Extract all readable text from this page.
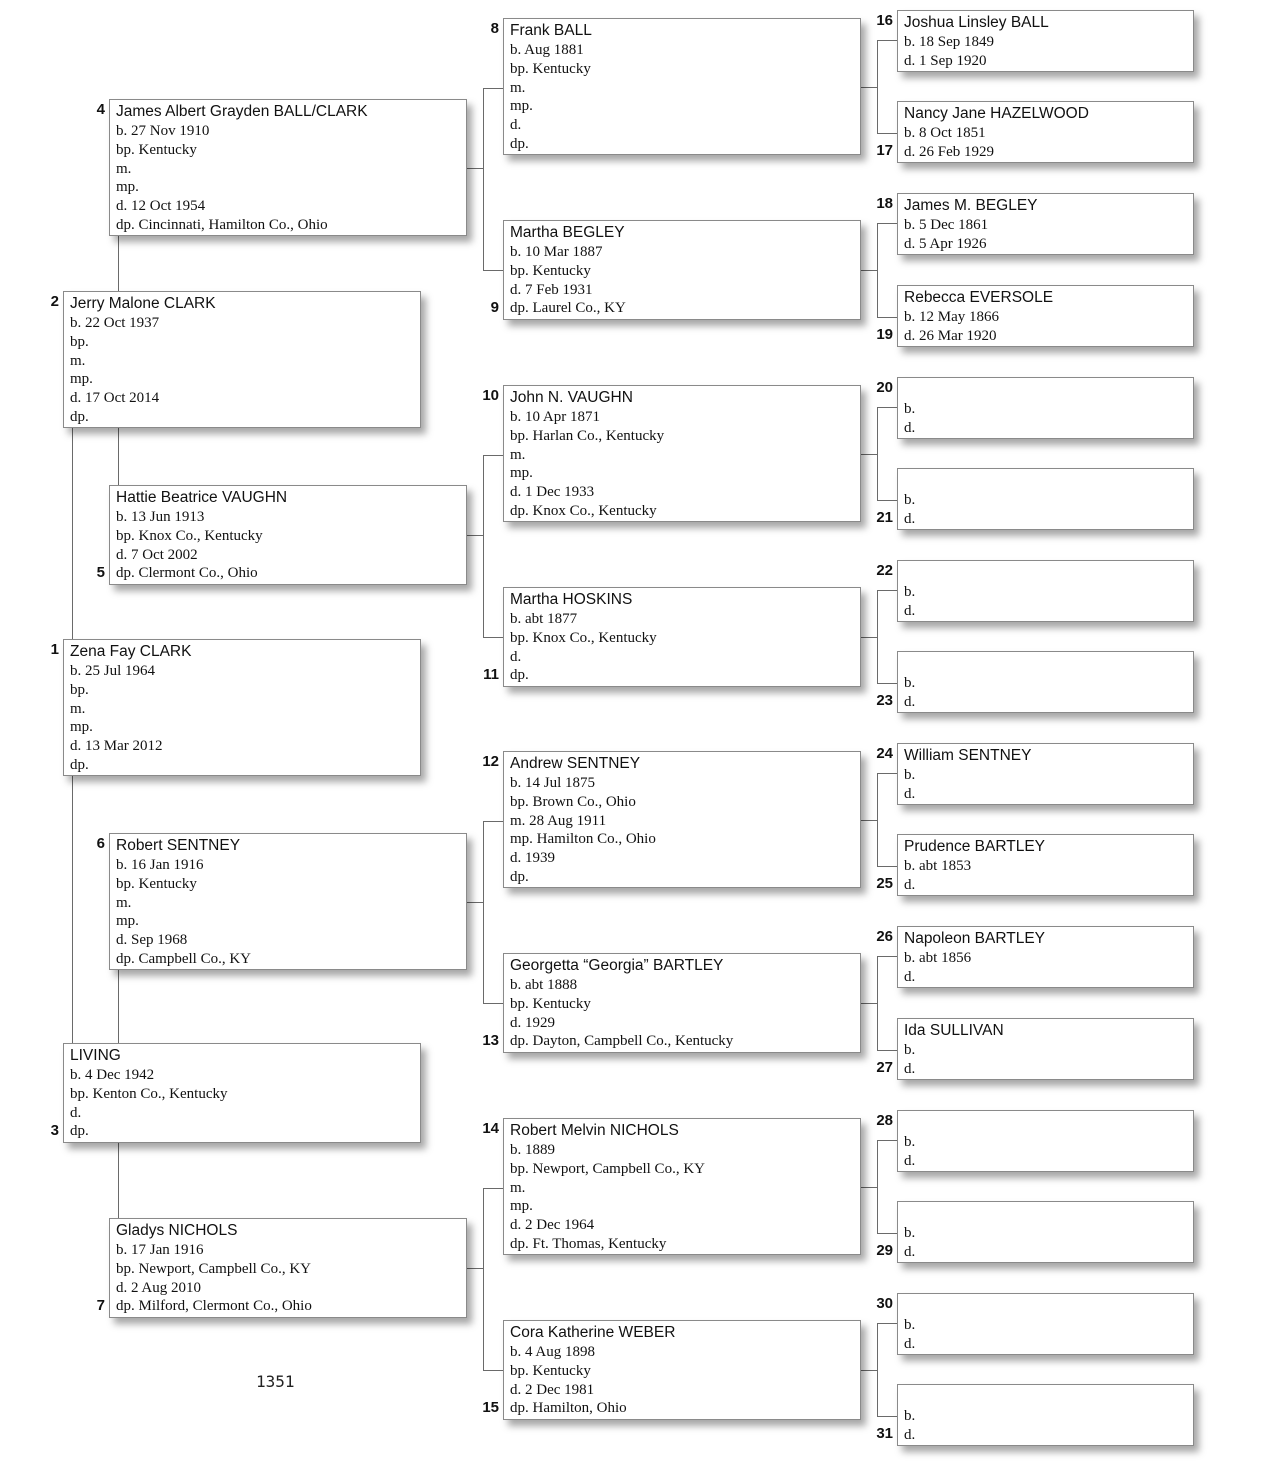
Zena Fay CLARK
b. 25 Jul 1964
bp.
m.
mp.
d. 13 Mar 2012
dp.
1
Jerry Malone CLARK
b. 22 Oct 1937
bp.
m.
mp.
d. 17 Oct 2014
dp.
2
LIVING
b. 4 Dec 1942
bp. Kenton Co., Kentucky
d.
dp.
3
James Albert Grayden BALL/CLARK
b. 27 Nov 1910
bp. Kentucky
m.
mp.
d. 12 Oct 1954
dp. Cincinnati, Hamilton Co., Ohio
4
Hattie Beatrice VAUGHN
b. 13 Jun 1913
bp. Knox Co., Kentucky
d. 7 Oct 2002
dp. Clermont Co., Ohio
5
Robert SENTNEY
b. 16 Jan 1916
bp. Kentucky
m.
mp.
d. Sep 1968
dp. Campbell Co., KY
6
Gladys NICHOLS
b. 17 Jan 1916
bp. Newport, Campbell Co., KY
d. 2 Aug 2010
dp. Milford, Clermont Co., Ohio
7
Frank BALL
b. Aug 1881
bp. Kentucky
m.
mp.
d.
dp.
8
Martha BEGLEY
b. 10 Mar 1887
bp. Kentucky
d. 7 Feb 1931
dp. Laurel Co., KY
9
John N. VAUGHN
b. 10 Apr 1871
bp. Harlan Co., Kentucky
m.
mp.
d. 1 Dec 1933
dp. Knox Co., Kentucky
10
Martha HOSKINS
b. abt 1877
bp. Knox Co., Kentucky
d.
dp.
11
Andrew SENTNEY
b. 14 Jul 1875
bp. Brown Co., Ohio
m. 28 Aug 1911
mp. Hamilton Co., Ohio
d. 1939
dp.
12
Georgetta “Georgia” BARTLEY
b. abt 1888
bp. Kentucky
d. 1929
dp. Dayton, Campbell Co., Kentucky
13
Robert Melvin NICHOLS
b. 1889
bp. Newport, Campbell Co., KY
m.
mp.
d. 2 Dec 1964
dp. Ft. Thomas, Kentucky
14
Cora Katherine WEBER
b. 4 Aug 1898
bp. Kentucky
d. 2 Dec 1981
dp. Hamilton, Ohio
15
Joshua Linsley BALL
b. 18 Sep 1849
d. 1 Sep 1920
16
Nancy Jane HAZELWOOD
b. 8 Oct 1851
d. 26 Feb 1929
17
James M. BEGLEY
b. 5 Dec 1861
d. 5 Apr 1926
18
Rebecca EVERSOLE
b. 12 May 1866
d. 26 Mar 1920
19
b.
d.
20
b.
d.
21
b.
d.
22
b.
d.
23
William SENTNEY
b.
d.
24
Prudence BARTLEY
b. abt 1853
d.
25
Napoleon BARTLEY
b. abt 1856
d.
26
Ida SULLIVAN
b.
d.
27
b.
d.
28
b.
d.
29
b.
d.
30
b.
d.
31
1351
